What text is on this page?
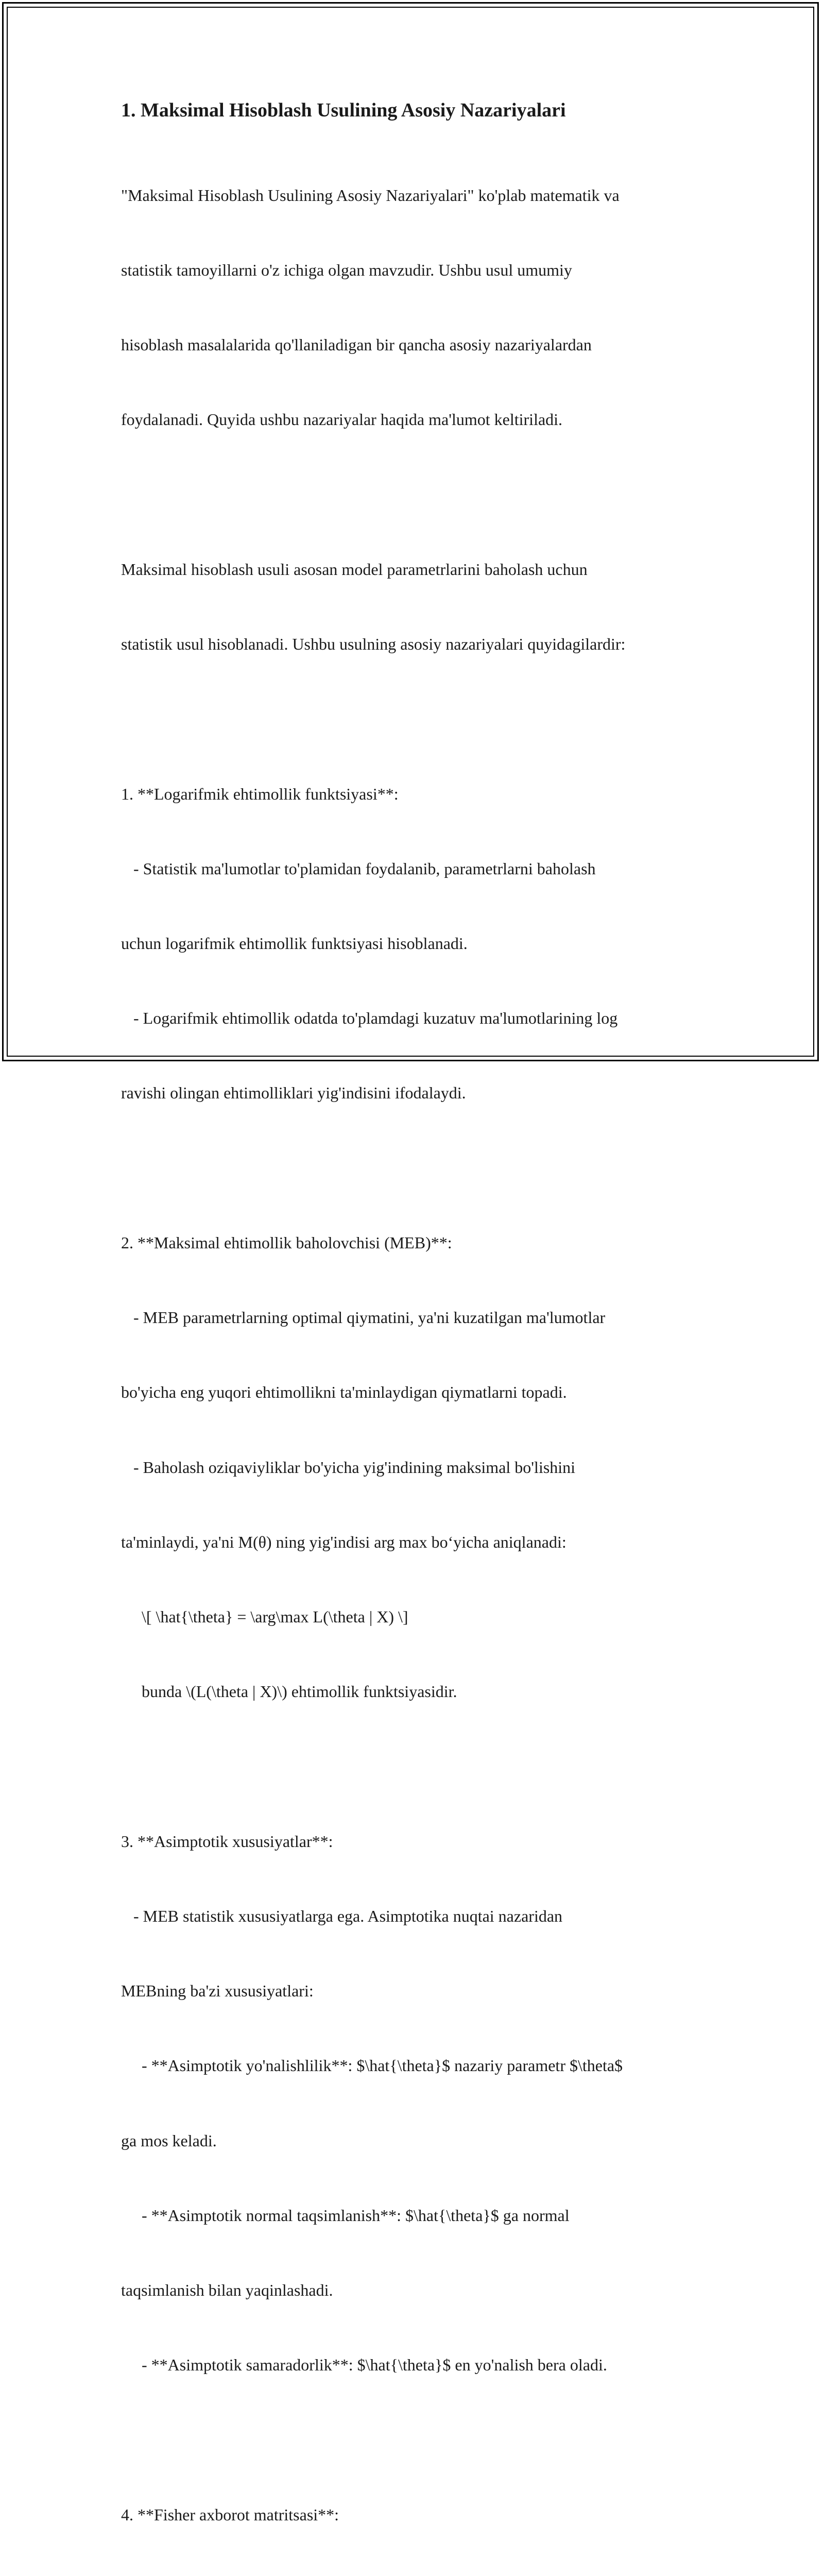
1. Maksimal Hisoblash Usulining Asosiy Nazariyalari

"Maksimal Hisoblash Usulining Asosiy Nazariyalari" ko'plab matematik va

statistik tamoyillarni o'z ichiga olgan mavzudir. Ushbu usul umumiy

hisoblash masalalarida qo'llaniladigan bir qancha asosiy nazariyalardan

foydalanadi. Quyida ushbu nazariyalar haqida ma'lumot keltiriladi.

Maksimal hisoblash usuli asosan model parametrlarini baholash uchun

statistik usul hisoblanadi. Ushbu usulning asosiy nazariyalari quyidagilardir:

1. **Logarifmik ehtimollik funktsiyasi**:

- Statistik ma'lumotlar to'plamidan foydalanib, parametrlarni baholash

uchun logarifmik ehtimollik funktsiyasi hisoblanadi.

- Logarifmik ehtimollik odatda to'plamdagi kuzatuv ma'lumotlarining log

ravishi olingan ehtimolliklari yig'indisini ifodalaydi.

2. **Maksimal ehtimollik baholovchisi (MEB)**:

- MEB parametrlarning optimal qiymatini, ya'ni kuzatilgan ma'lumotlar

bo'yicha eng yuqori ehtimollikni ta'minlaydigan qiymatlarni topadi.

- Baholash oziqaviyliklar bo'yicha yig'indining maksimal bo'lishini

ta'minlaydi, ya'ni M(θ) ning yig'indisi arg max bo‘yicha aniqlanadi:

\[ \hat{\theta} = \arg\max L(\theta | X) \]

bunda \(L(\theta | X)\) ehtimollik funktsiyasidir.

3. **Asimptotik xususiyatlar**:

- MEB statistik xususiyatlarga ega. Asimptotika nuqtai nazaridan

MEBning ba'zi xususiyatlari:

- **Asimptotik yo'nalishlilik**: $\hat{\theta}$ nazariy parametr $\theta$

ga mos keladi.

- **Asimptotik normal taqsimlanish**: $\hat{\theta}$ ga normal

taqsimlanish bilan yaqinlashadi.

- **Asimptotik samaradorlik**: $\hat{\theta}$ en yo'nalish bera oladi.

4. **Fisher axborot matritsasi**:
